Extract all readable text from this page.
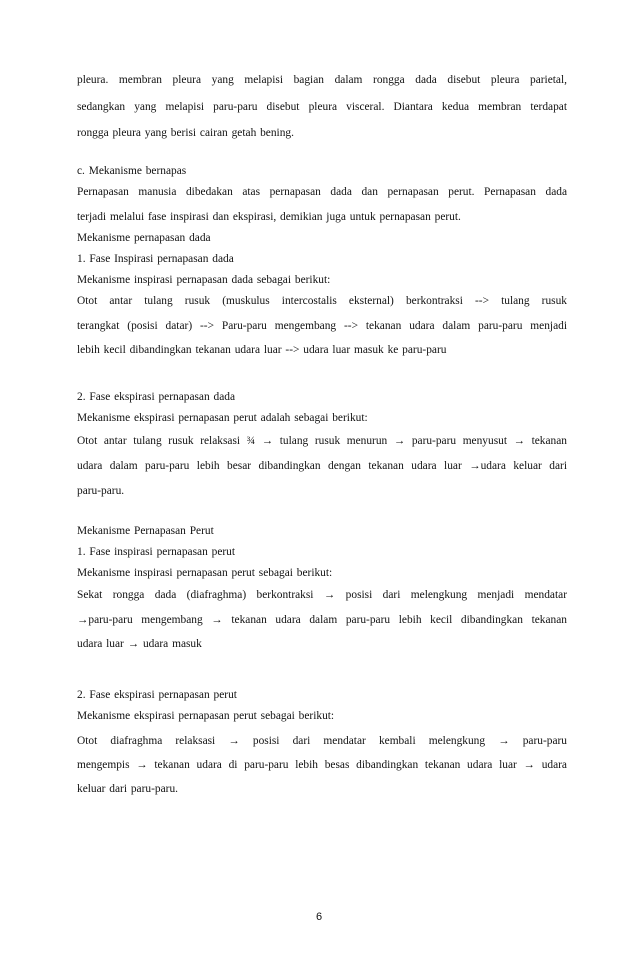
pleura. membran pleura yang melapisi bagian dalam rongga dada disebut pleura parietal,
sedangkan yang melapisi paru-paru disebut pleura visceral. Diantara kedua membran terdapat
rongga pleura yang berisi cairan getah bening.
c. Mekanisme bernapas
Pernapasan manusia dibedakan atas pernapasan dada dan pernapasan perut. Pernapasan dada
terjadi melalui fase inspirasi dan ekspirasi, demikian juga untuk pernapasan perut.
Mekanisme pernapasan dada
1. Fase Inspirasi pernapasan dada
Mekanisme inspirasi pernapasan dada sebagai berikut:
Otot antar tulang rusuk (muskulus intercostalis eksternal) berkontraksi --> tulang rusuk
terangkat (posisi datar) --> Paru-paru mengembang --> tekanan udara dalam paru-paru menjadi
lebih kecil dibandingkan tekanan udara luar --> udara luar masuk ke paru-paru
2. Fase ekspirasi pernapasan dada
Mekanisme ekspirasi pernapasan perut adalah sebagai berikut:
Otot antar tulang rusuk relaksasi ¾ → tulang rusuk menurun → paru-paru menyusut → tekanan
udara dalam paru-paru lebih besar dibandingkan dengan tekanan udara luar →udara keluar dari
paru-paru.
Mekanisme Pernapasan Perut
1. Fase inspirasi pernapasan perut
Mekanisme inspirasi pernapasan perut sebagai berikut:
Sekat rongga dada (diafraghma) berkontraksi → posisi dari melengkung menjadi mendatar
→paru-paru mengembang → tekanan udara dalam paru-paru lebih kecil dibandingkan tekanan
udara luar → udara masuk
2. Fase ekspirasi pernapasan perut
Mekanisme ekspirasi pernapasan perut sebagai berikut:
Otot diafraghma relaksasi → posisi dari mendatar kembali melengkung → paru-paru
mengempis → tekanan udara di paru-paru lebih besas dibandingkan tekanan udara luar → udara
keluar dari paru-paru.
6
